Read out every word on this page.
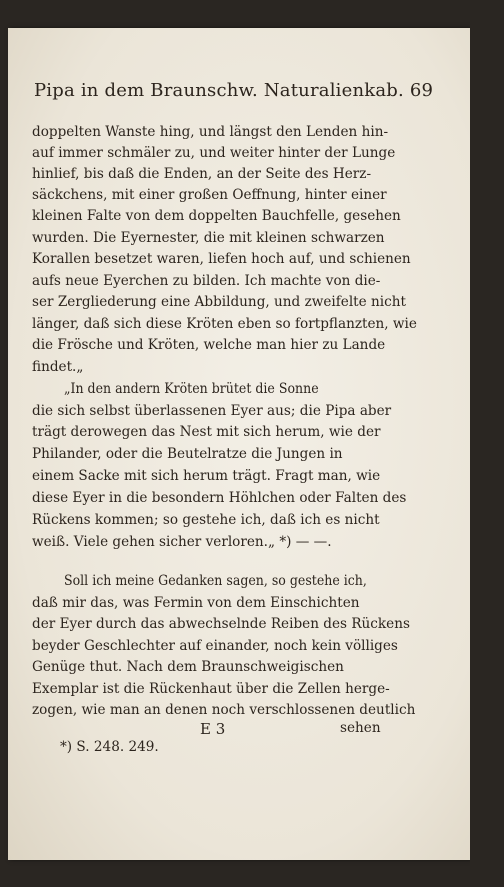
Pipa in dem Braunschw. Naturalienkab. 69
doppelten Wanste hing, und längst den Lenden hin-
auf immer schmäler zu, und weiter hinter der Lunge
hinlief, bis daß die Enden, an der Seite des Herz-
säckchens, mit einer großen Oeffnung, hinter einer
kleinen Falte von dem doppelten Bauchfelle, gesehen
wurden. Die Eyernester, die mit kleinen schwarzen
Korallen besetzet waren, liefen hoch auf, und schienen
aufs neue Eyerchen zu bilden. Ich machte von die-
ser Zergliederung eine Abbildung, und zweifelte nicht
länger, daß sich diese Kröten eben so fortpflanzten, wie
die Frösche und Kröten, welche man hier zu Lande
findet.„
„In den andern Kröten brütet die Sonne
die sich selbst überlassenen Eyer aus; die Pipa aber
trägt derowegen das Nest mit sich herum, wie der
Philander, oder die Beutelratze die Jungen in
einem Sacke mit sich herum trägt. Fragt man, wie
diese Eyer in die besondern Höhlchen oder Falten des
Rückens kommen; so gestehe ich, daß ich es nicht
weiß. Viele gehen sicher verloren.„ *) — —.
Soll ich meine Gedanken sagen, so gestehe ich,
daß mir das, was Fermin von dem Einschichten
der Eyer durch das abwechselnde Reiben des Rückens
beyder Geschlechter auf einander, noch kein völliges
Genüge thut. Nach dem Braunschweigischen
Exemplar ist die Rückenhaut über die Zellen herge-
zogen, wie man an denen noch verschlossenen deutlich
E 3	sehen
*) S. 248. 249.
